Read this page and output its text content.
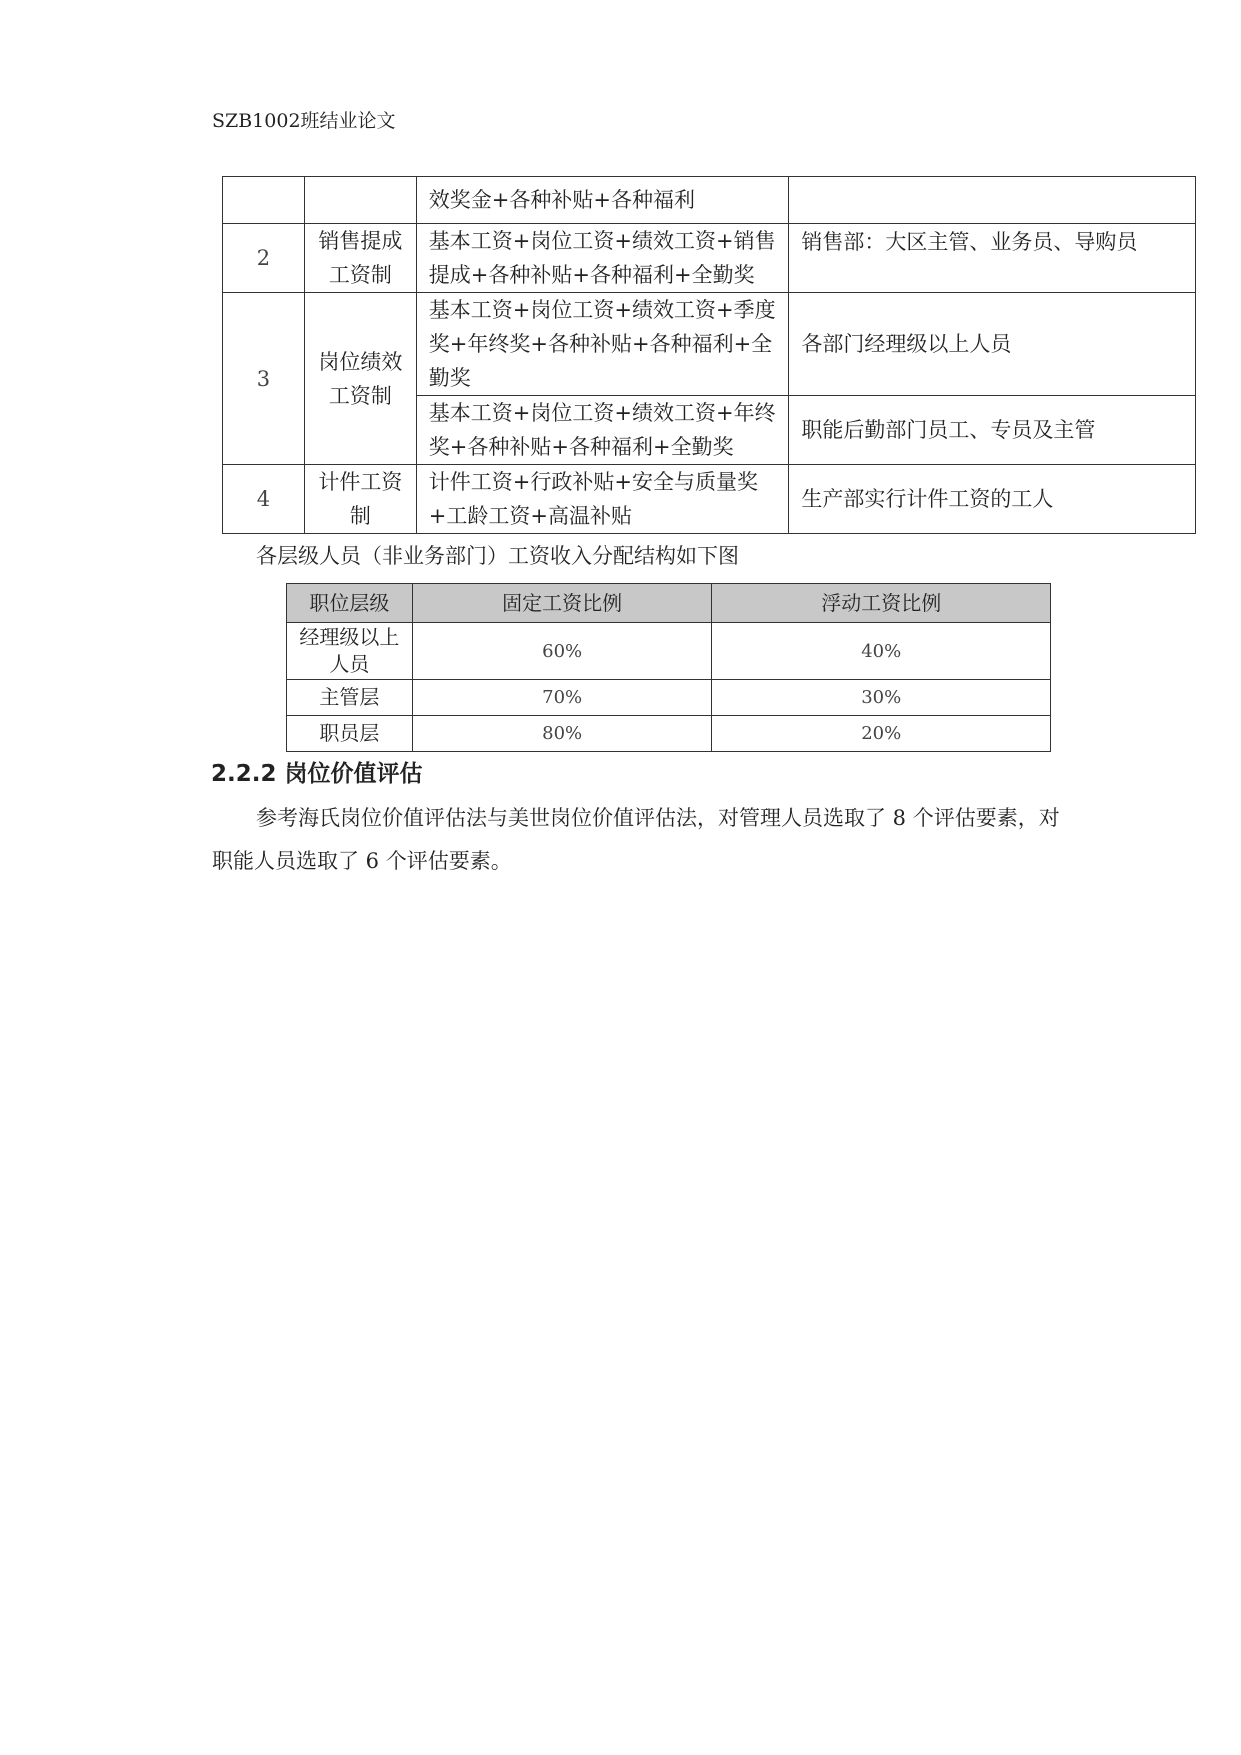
SZB1002班结业论文
		效奖金+各种补贴+各种福利	
2	销售提成工资制	基本工资+岗位工资+绩效工资+销售提成+各种补贴+各种福利+全勤奖	销售部：大区主管、业务员、导购员
3	岗位绩效工资制	基本工资+岗位工资+绩效工资+季度奖+年终奖+各种补贴+各种福利+全勤奖	各部门经理级以上人员
		基本工资+岗位工资+绩效工资+年终奖+各种补贴+各种福利+全勤奖	职能后勤部门员工、专员及主管
4	计件工资制	计件工资+行政补贴+安全与质量奖+工龄工资+高温补贴	生产部实行计件工资的工人
各层级人员（非业务部门）工资收入分配结构如下图
职位层级	固定工资比例	浮动工资比例
经理级以上人员	60%	40%
主管层	70%	30%
职员层	80%	20%
2.2.2 岗位价值评估
参考海氏岗位价值评估法与美世岗位价值评估法，对管理人员选取了 8 个评估要素，对职能人员选取了 6 个评估要素。
